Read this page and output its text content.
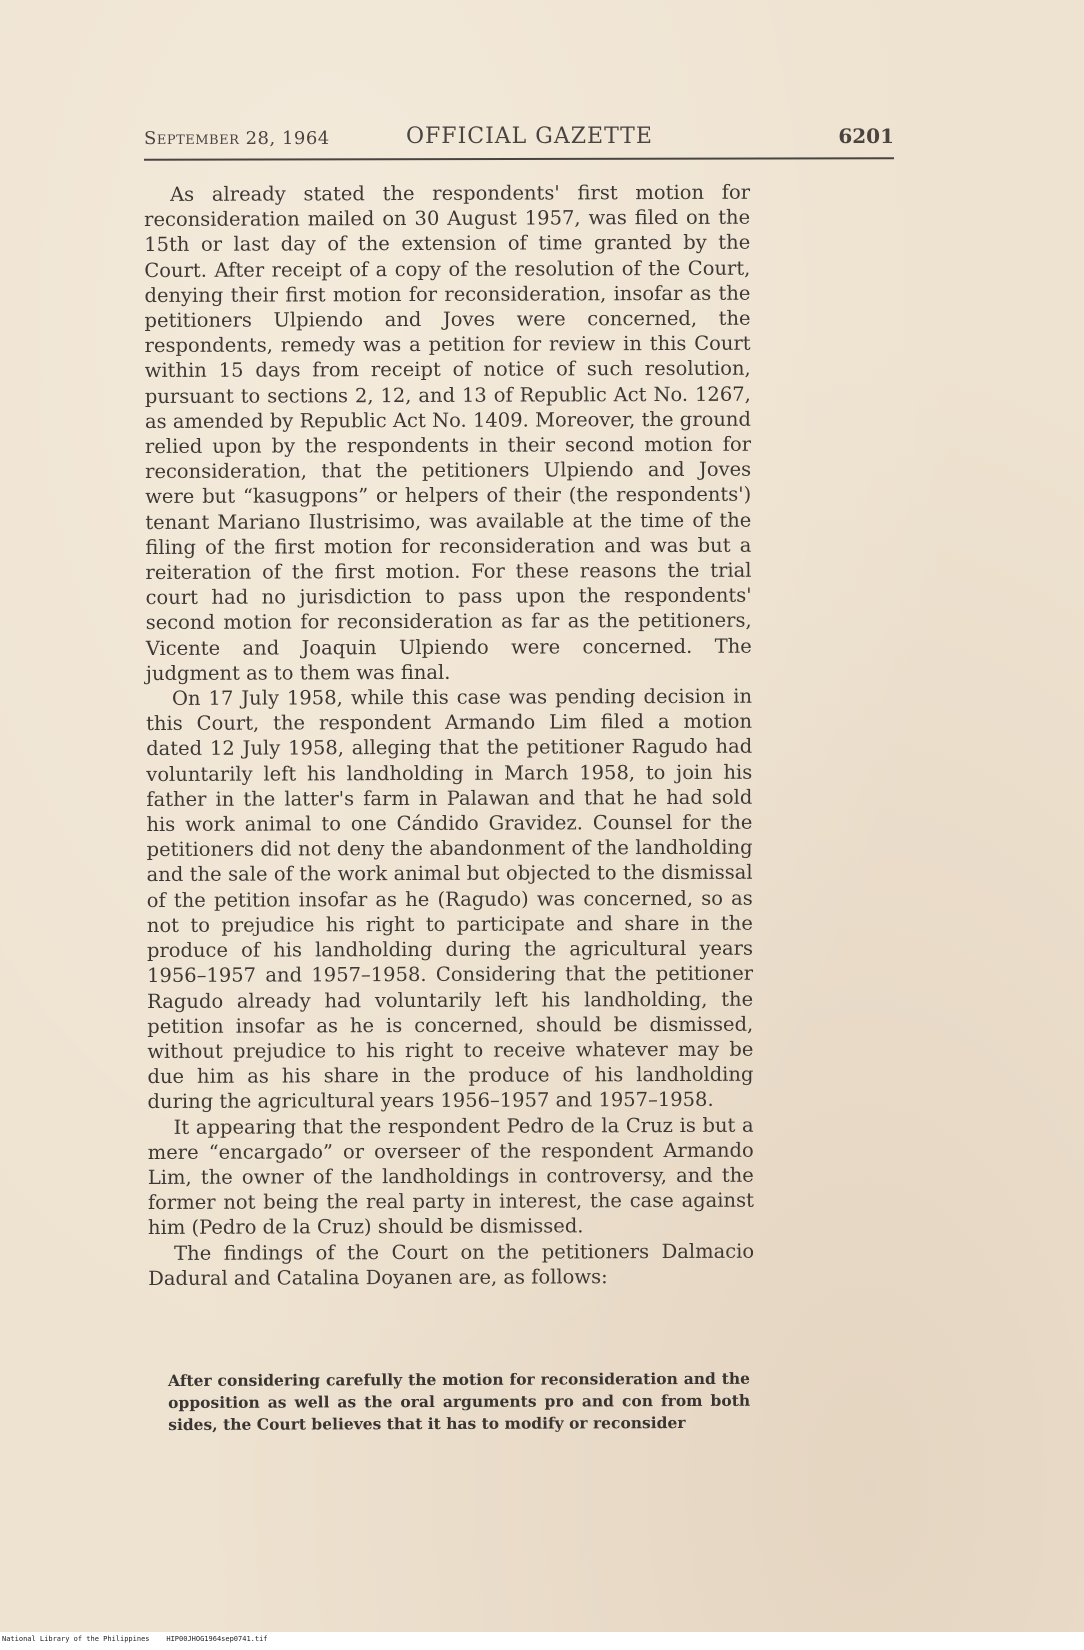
September 28, 1964	OFFICIAL GAZETTE	6201

As already stated the respondents' first motion for reconsideration mailed on 30 August 1957, was filed on the 15th or last day of the extension of time granted by the Court. After receipt of a copy of the resolution of the Court, denying their first motion for reconsideration, insofar as the petitioners Ulpiendo and Joves were concerned, the respondents, remedy was a petition for review in this Court within 15 days from receipt of notice of such resolution, pursuant to sections 2, 12, and 13 of Republic Act No. 1267, as amended by Republic Act No. 1409. Moreover, the ground relied upon by the respondents in their second motion for reconsideration, that the petitioners Ulpiendo and Joves were but “kasugpons” or helpers of their (the respondents') tenant Mariano Ilustrisimo, was available at the time of the filing of the first motion for reconsideration and was but a reiteration of the first motion. For these reasons the trial court had no jurisdiction to pass upon the respondents' second motion for reconsideration as far as the petitioners, Vicente and Joaquin Ulpiendo were concerned. The judgment as to them was final.

On 17 July 1958, while this case was pending decision in this Court, the respondent Armando Lim filed a motion dated 12 July 1958, alleging that the petitioner Ragudo had voluntarily left his landholding in March 1958, to join his father in the latter's farm in Palawan and that he had sold his work animal to one Cándido Gravidez. Counsel for the petitioners did not deny the abandonment of the landholding and the sale of the work animal but objected to the dismissal of the petition insofar as he (Ragudo) was concerned, so as not to prejudice his right to participate and share in the produce of his landholding during the agricultural years 1956–1957 and 1957–1958. Considering that the petitioner Ragudo already had voluntarily left his landholding, the petition insofar as he is concerned, should be dismissed, without prejudice to his right to receive whatever may be due him as his share in the produce of his landholding during the agricultural years 1956–1957 and 1957–1958.

It appearing that the respondent Pedro de la Cruz is but a mere “encargado” or overseer of the respondent Armando Lim, the owner of the landholdings in controversy, and the former not being the real party in interest, the case against him (Pedro de la Cruz) should be dismissed.

The findings of the Court on the petitioners Dalmacio Dadural and Catalina Doyanen are, as follows:

After considering carefully the motion for reconsideration and the opposition as well as the oral arguments pro and con from both sides, the Court believes that it has to modify or reconsider
National Library of the Philippines HIP00JHOG1964sep0741.tif
